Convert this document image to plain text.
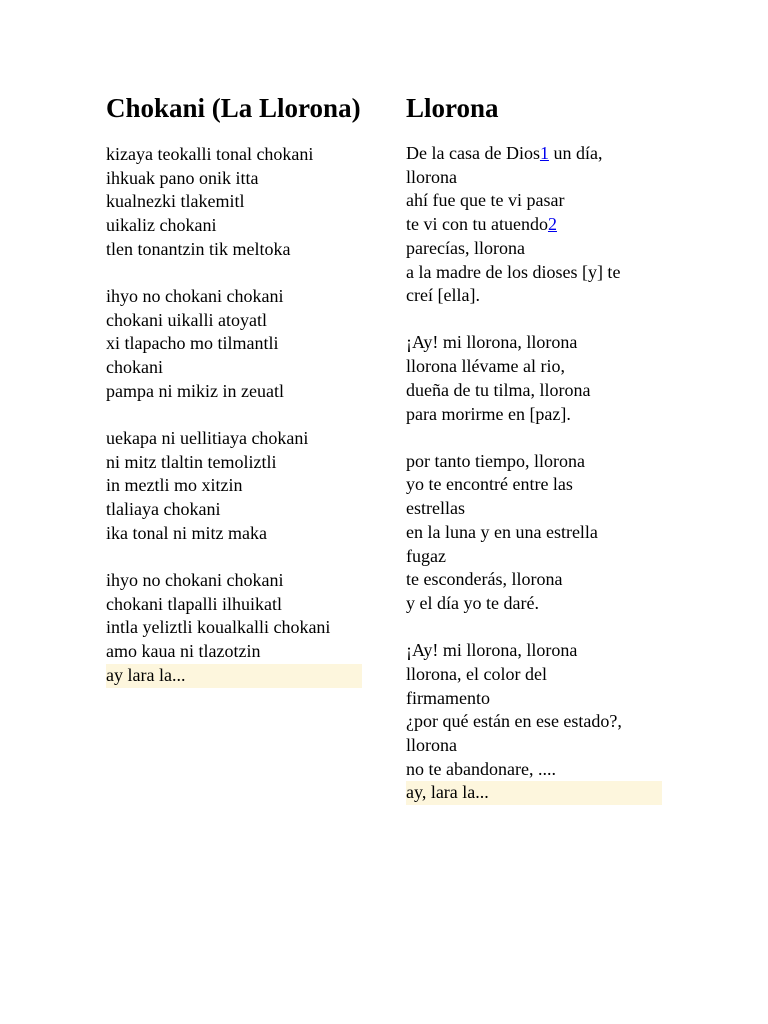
Chokani (La Llorona)
kizaya teokalli tonal chokani
ihkuak pano onik itta
kualnezki tlakemitl
uikaliz chokani
tlen tonantzin tik meltoka
ihyo no chokani chokani
chokani uikalli atoyatl
xi tlapacho mo tilmantli
chokani
pampa ni mikiz in zeuatl
uekapa ni uellitiaya chokani
ni mitz tlaltin temoliztli
in meztli mo xitzin
tlaliaya chokani
ika tonal ni mitz maka
ihyo no chokani chokani
chokani tlapalli ilhuikatl
intla yeliztli koualkalli chokani
amo kaua ni tlazotzin
ay lara la...
Llorona
De la casa de Dios1 un día,
llorona
ahí fue que te vi pasar
te vi con tu atuendo2
parecías, llorona
a la madre de los dioses [y] te
creí [ella].
¡Ay! mi llorona, llorona
llorona llévame al rio,
dueña de tu tilma, llorona
para morirme en [paz].
por tanto tiempo, llorona
yo te encontré entre las
estrellas
en la luna y en una estrella
fugaz
te esconderás, llorona
y el día yo te daré.
¡Ay! mi llorona, llorona
llorona, el color del
firmamento
¿por qué están en ese estado?,
llorona
no te abandonare, ....
ay, lara la...
